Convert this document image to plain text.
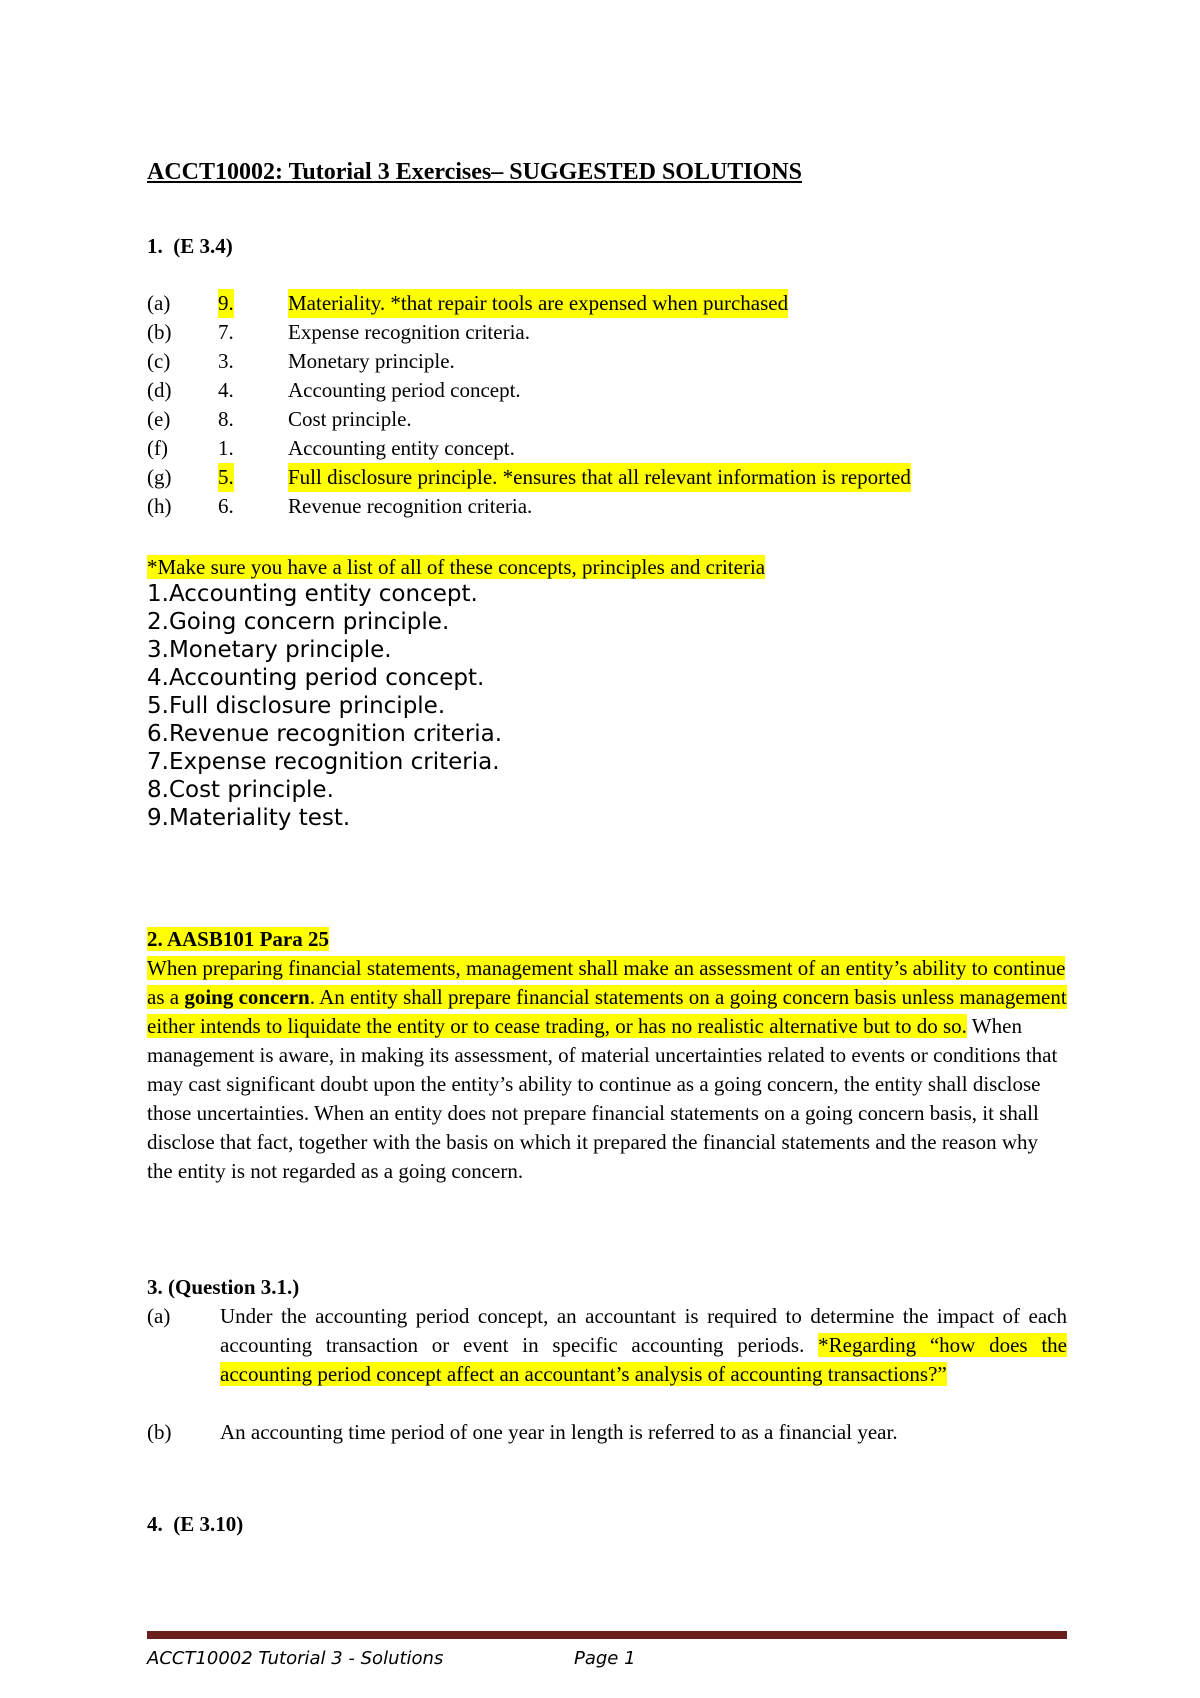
ACCT10002: Tutorial 3 Exercises– SUGGESTED SOLUTIONS
1. (E 3.4)
(a) 9.	Materiality. *that repair tools are expensed when purchased
(b) 7.	Expense recognition criteria.
(c) 3.	Monetary principle.
(d) 4.	Accounting period concept.
(e) 8.	Cost principle.
(f) 1.	Accounting entity concept.
(g) 5.	Full disclosure principle. *ensures that all relevant information is reported
(h) 6.	Revenue recognition criteria.
*Make sure you have a list of all of these concepts, principles and criteria
1.Accounting entity concept.
2.Going concern principle.
3.Monetary principle.
4.Accounting period concept.
5.Full disclosure principle.
6.Revenue recognition criteria.
7.Expense recognition criteria.
8.Cost principle.
9.Materiality test.
2. AASB101 Para 25
When preparing financial statements, management shall make an assessment of an entity’s ability to continue as a going concern. An entity shall prepare financial statements on a going concern basis unless management either intends to liquidate the entity or to cease trading, or has no realistic alternative but to do so. When management is aware, in making its assessment, of material uncertainties related to events or conditions that may cast significant doubt upon the entity’s ability to continue as a going concern, the entity shall disclose those uncertainties. When an entity does not prepare financial statements on a going concern basis, it shall disclose that fact, together with the basis on which it prepared the financial statements and the reason why the entity is not regarded as a going concern.
3. (Question 3.1.)
(a) Under the accounting period concept, an accountant is required to determine the impact of each accounting transaction or event in specific accounting periods. *Regarding “how does the accounting period concept affect an accountant’s analysis of accounting transactions?”
(b) An accounting time period of one year in length is referred to as a financial year.
4. (E 3.10)
ACCT10002 Tutorial 3 - Solutions	Page 1
